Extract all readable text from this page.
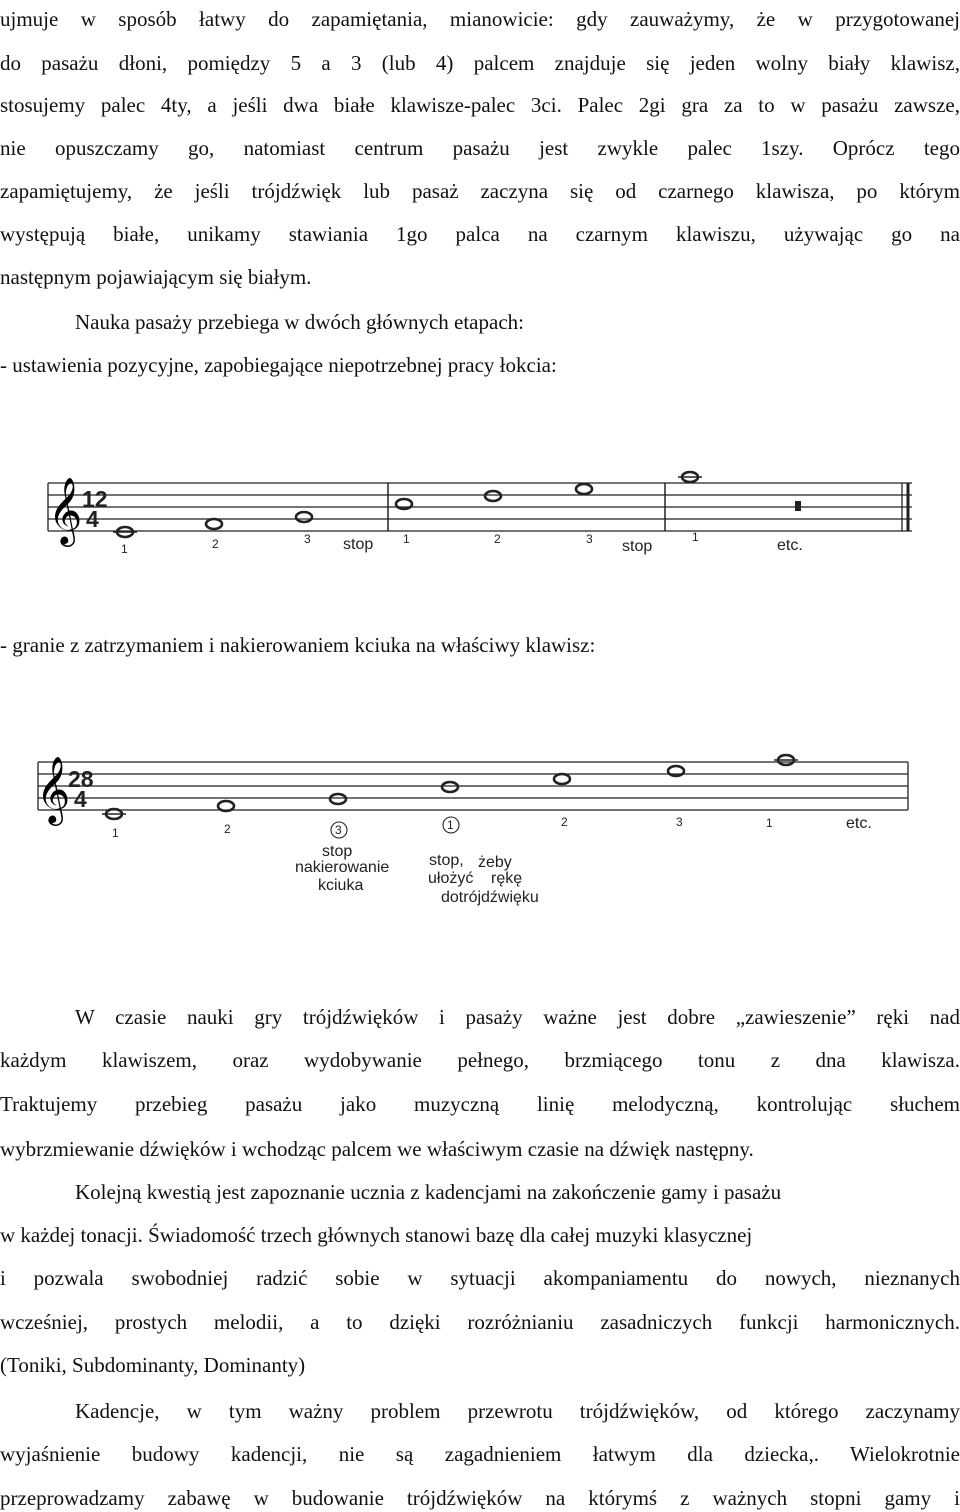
ujmuje w sposób łatwy do zapamiętania, mianowicie: gdy zauważymy, że w przygotowanej
do pasażu dłoni, pomiędzy 5 a 3 (lub 4) palcem znajduje się jeden wolny biały klawisz,
stosujemy palec 4ty, a jeśli dwa białe klawisze-palec 3ci. Palec 2gi gra za to w pasażu zawsze,
nie opuszczamy go, natomiast centrum pasażu jest zwykle palec 1szy. Oprócz tego
zapamiętujemy, że jeśli trójdźwięk lub pasaż zaczyna się od czarnego klawisza, po którym
występują białe, unikamy stawiania 1go palca na czarnym klawiszu, używając go na
następnym pojawiającym się białym.
Nauka pasaży przebiega w dwóch głównych etapach:
- ustawienia pozycyjne, zapobiegające niepotrzebnej pracy łokcia:
𝄞 12
4
1	2	3	1	2	3	1
stop	stop	etc.
- granie z zatrzymaniem i nakierowaniem kciuka na właściwy klawisz:
𝄞
28
4
1	2	3	1	2	3	1	etc.
stop
nakierowanie
kciuka
stop, żeby
ułożyć rękę
dotrójdźwięku
W czasie nauki gry trójdźwięków i pasaży ważne jest dobre „zawieszenie” ręki nad
każdym klawiszem, oraz wydobywanie pełnego, brzmiącego tonu z dna klawisza.
Traktujemy przebieg pasażu jako muzyczną linię melodyczną, kontrolując słuchem
wybrzmiewanie dźwięków i wchodząc palcem we właściwym czasie na dźwięk następny.
Kolejną kwestią jest zapoznanie ucznia z kadencjami na zakończenie gamy i pasażu
w każdej tonacji. Świadomość trzech głównych stanowi bazę dla całej muzyki klasycznej
i pozwala swobodniej radzić sobie w sytuacji akompaniamentu do nowych, nieznanych
wcześniej, prostych melodii, a to dzięki rozróżnianiu zasadniczych funkcji harmonicznych.
(Toniki, Subdominanty, Dominanty)
Kadencje, w tym ważny problem przewrotu trójdźwięków, od którego zaczynamy
wyjaśnienie budowy kadencji, nie są zagadnieniem łatwym dla dziecka,. Wielokrotnie
przeprowadzamy zabawę w budowanie trójdźwięków na którymś z ważnych stopni gamy i
